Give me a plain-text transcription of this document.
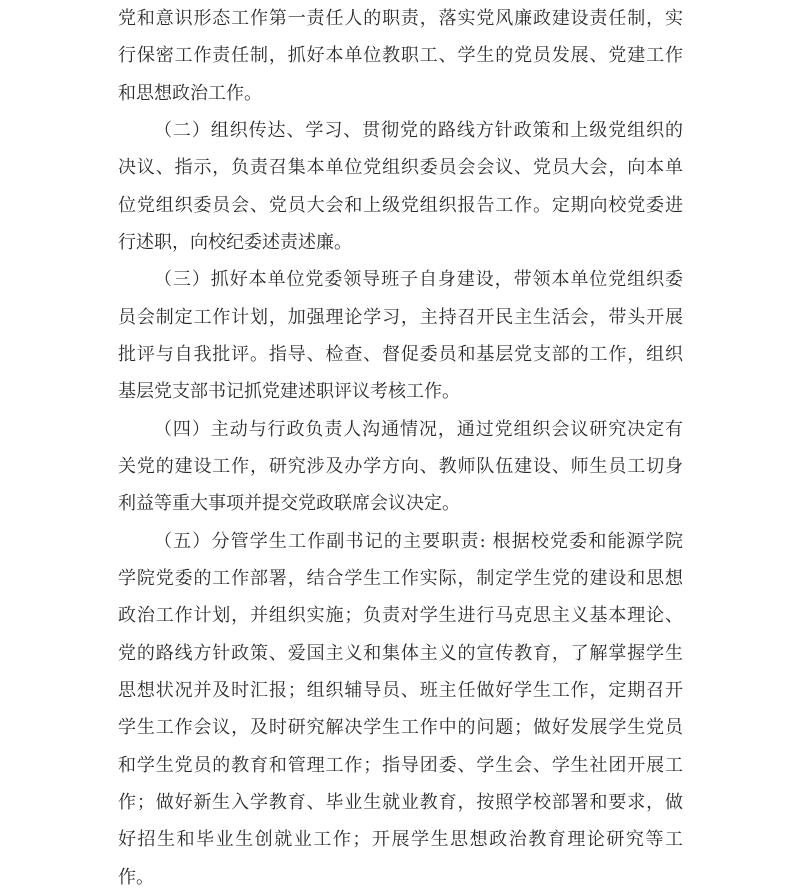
党和意识形态工作第一责任人的职责，落实党风廉政建设责任制，实
行保密工作责任制，抓好本单位教职工、学生的党员发展、党建工作
和思想政治工作。
（二）组织传达、学习、贯彻党的路线方针政策和上级党组织的
决议、指示，负责召集本单位党组织委员会会议、党员大会，向本单
位党组织委员会、党员大会和上级党组织报告工作。定期向校党委进
行述职，向校纪委述责述廉。
（三）抓好本单位党委领导班子自身建设，带领本单位党组织委
员会制定工作计划，加强理论学习，主持召开民主生活会，带头开展
批评与自我批评。指导、检查、督促委员和基层党支部的工作，组织
基层党支部书记抓党建述职评议考核工作。
（四）主动与行政负责人沟通情况，通过党组织会议研究决定有
关党的建设工作，研究涉及办学方向、教师队伍建设、师生员工切身
利益等重大事项并提交党政联席会议决定。
（五）分管学生工作副书记的主要职责: 根据校党委和能源学院
学院党委的工作部署，结合学生工作实际，制定学生党的建设和思想
政治工作计划，并组织实施；负责对学生进行马克思主义基本理论、
党的路线方针政策、爱国主义和集体主义的宣传教育，了解掌握学生
思想状况并及时汇报；组织辅导员、班主任做好学生工作，定期召开
学生工作会议，及时研究解决学生工作中的问题；做好发展学生党员
和学生党员的教育和管理工作；指导团委、学生会、学生社团开展工
作；做好新生入学教育、毕业生就业教育，按照学校部署和要求，做
好招生和毕业生创就业工作；开展学生思想政治教育理论研究等工
作。
